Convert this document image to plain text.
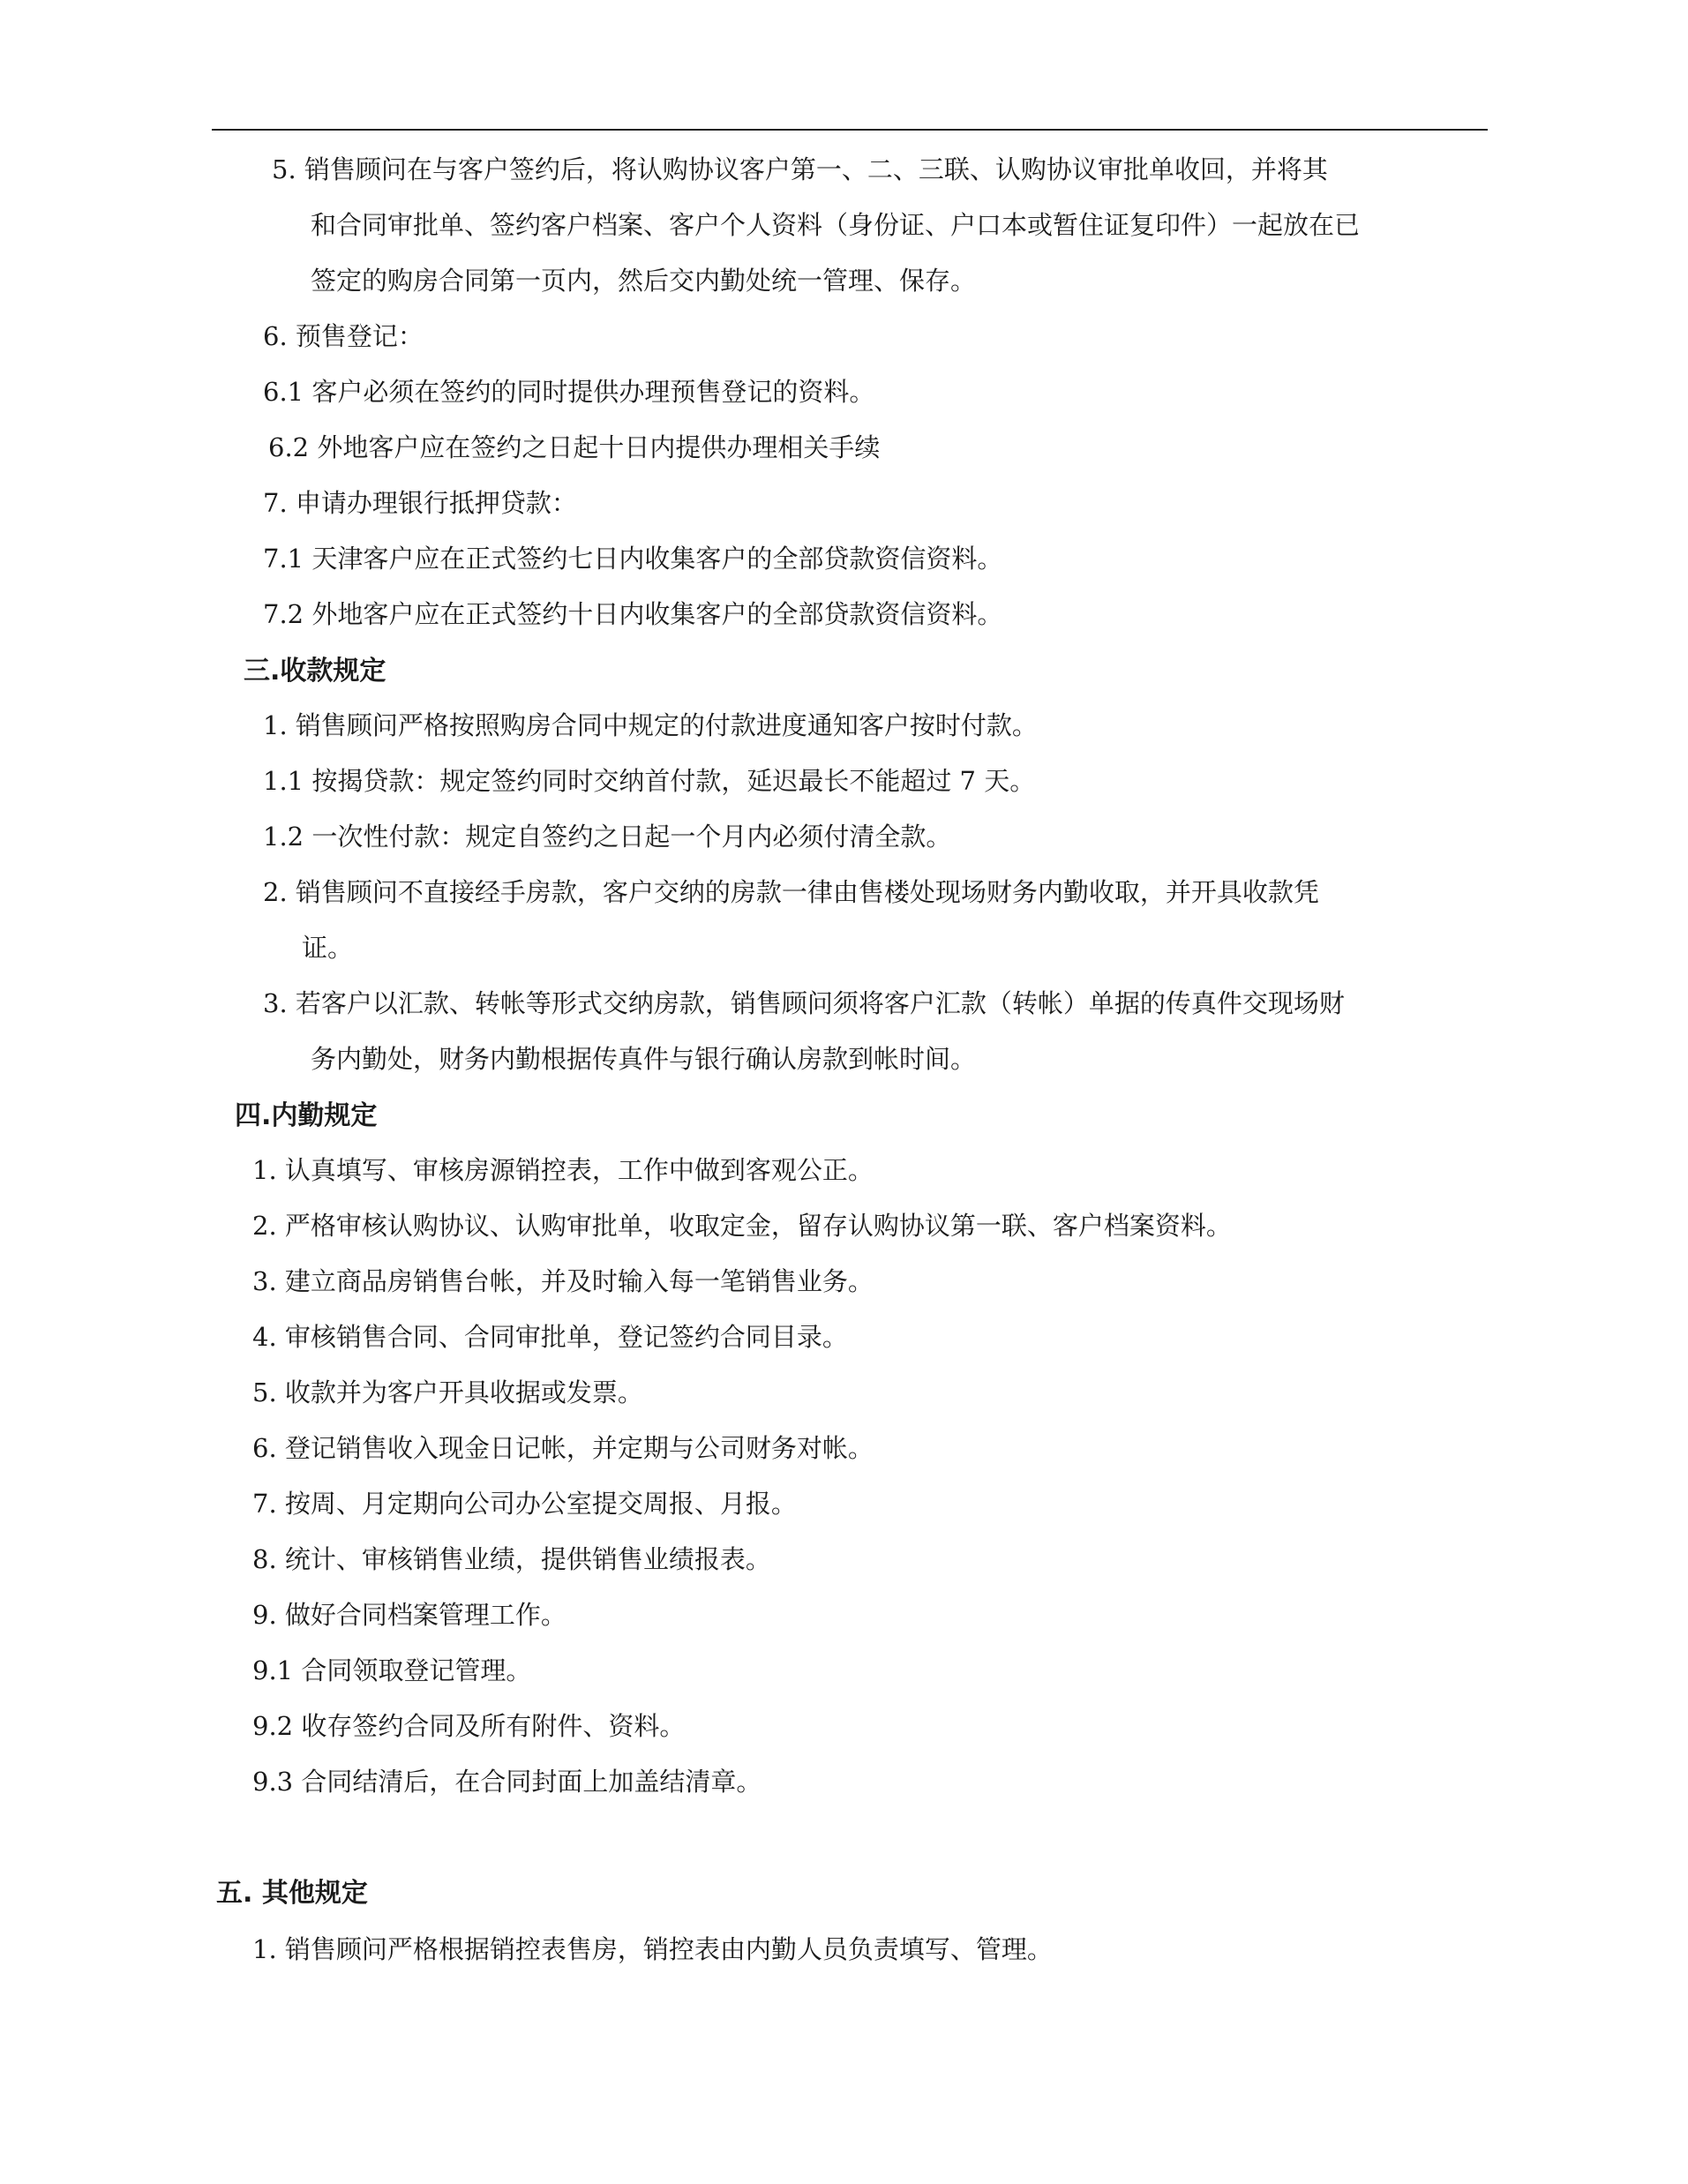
5. 销售顾问在与客户签约后，将认购协议客户第一、二、三联、认购协议审批单收回，并将其
和合同审批单、签约客户档案、客户个人资料（身份证、户口本或暂住证复印件）一起放在已
签定的购房合同第一页内，然后交内勤处统一管理、保存。
6. 预售登记：
6.1 客户必须在签约的同时提供办理预售登记的资料。
6.2 外地客户应在签约之日起十日内提供办理相关手续
7. 申请办理银行抵押贷款：
7.1 天津客户应在正式签约七日内收集客户的全部贷款资信资料。
7.2 外地客户应在正式签约十日内收集客户的全部贷款资信资料。
三.收款规定
1. 销售顾问严格按照购房合同中规定的付款进度通知客户按时付款。
1.1 按揭贷款：规定签约同时交纳首付款，延迟最长不能超过 7 天。
1.2 一次性付款：规定自签约之日起一个月内必须付清全款。
2. 销售顾问不直接经手房款，客户交纳的房款一律由售楼处现场财务内勤收取，并开具收款凭
证。
3. 若客户以汇款、转帐等形式交纳房款，销售顾问须将客户汇款（转帐）单据的传真件交现场财
务内勤处，财务内勤根据传真件与银行确认房款到帐时间。
四.内勤规定
1. 认真填写、审核房源销控表，工作中做到客观公正。
2. 严格审核认购协议、认购审批单，收取定金，留存认购协议第一联、客户档案资料。
3. 建立商品房销售台帐，并及时输入每一笔销售业务。
4. 审核销售合同、合同审批单，登记签约合同目录。
5. 收款并为客户开具收据或发票。
6. 登记销售收入现金日记帐，并定期与公司财务对帐。
7. 按周、月定期向公司办公室提交周报、月报。
8. 统计、审核销售业绩，提供销售业绩报表。
9. 做好合同档案管理工作。
9.1 合同领取登记管理。
9.2 收存签约合同及所有附件、资料。
9.3 合同结清后，在合同封面上加盖结清章。
五. 其他规定
1. 销售顾问严格根据销控表售房，销控表由内勤人员负责填写、管理。
